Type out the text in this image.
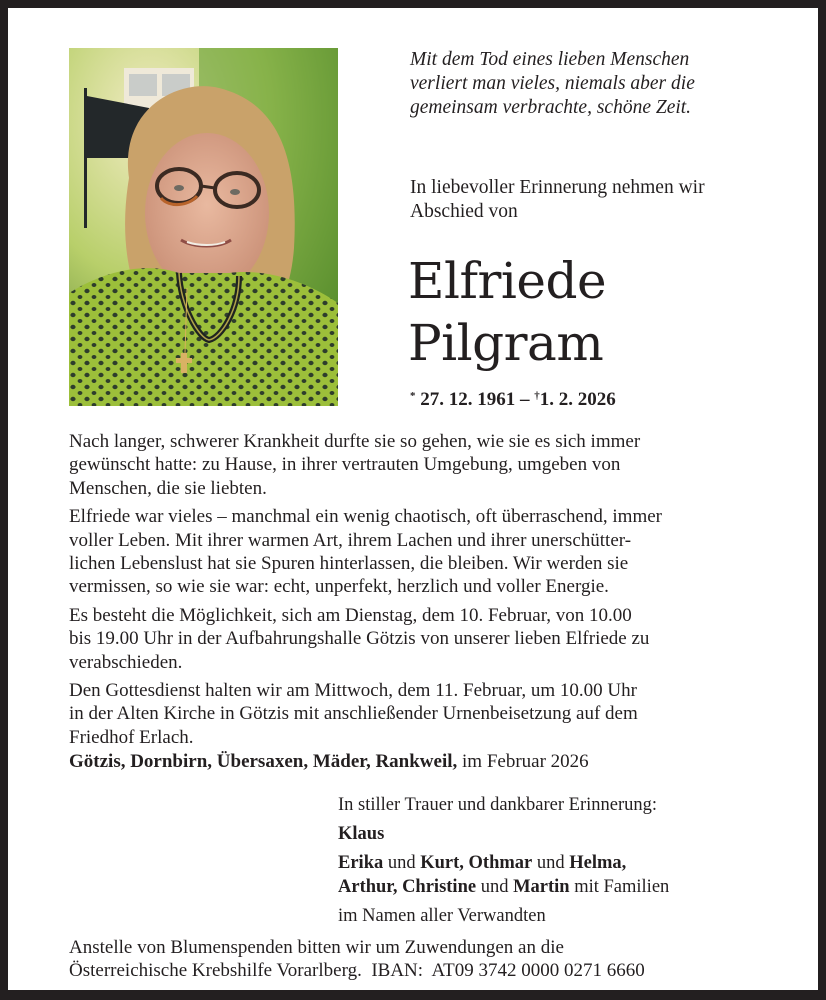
Mit dem Tod eines lieben Menschen
verliert man vieles, niemals aber die
gemeinsam verbrachte, schöne Zeit.
In liebevoller Erinnerung nehmen wir
Abschied von
Elfriede
Pilgram
* 27. 12. 1961 – †1. 2. 2026

Nach langer, schwerer Krankheit durfte sie so gehen, wie sie es sich immer
gewünscht hatte: zu Hause, in ihrer vertrauten Umgebung, umgeben von
Menschen, die sie liebten.

Elfriede war vieles – manchmal ein wenig chaotisch, oft überraschend, immer
voller Leben. Mit ihrer warmen Art, ihrem Lachen und ihrer unerschütter-
lichen Lebenslust hat sie Spuren hinterlassen, die bleiben. Wir werden sie
vermissen, so wie sie war: echt, unperfekt, herzlich und voller Energie.

Es besteht die Möglichkeit, sich am Dienstag, dem 10. Februar, von 10.00
bis 19.00 Uhr in der Aufbahrungshalle Götzis von unserer lieben Elfriede zu
verabschieden.

Den Gottesdienst halten wir am Mittwoch, dem 11. Februar, um 10.00 Uhr
in der Alten Kirche in Götzis mit anschließender Urnenbeisetzung auf dem
Friedhof Erlach.

Götzis, Dornbirn, Übersaxen, Mäder, Rankweil, im Februar 2026
In stiller Trauer und dankbarer Erinnerung:
Klaus
Erika und Kurt, Othmar und Helma,
Arthur, Christine und Martin mit Familien
im Namen aller Verwandten
Anstelle von Blumenspenden bitten wir um Zuwendungen an die
Österreichische Krebshilfe Vorarlberg. IBAN: AT09 3742 0000 0271 6660
